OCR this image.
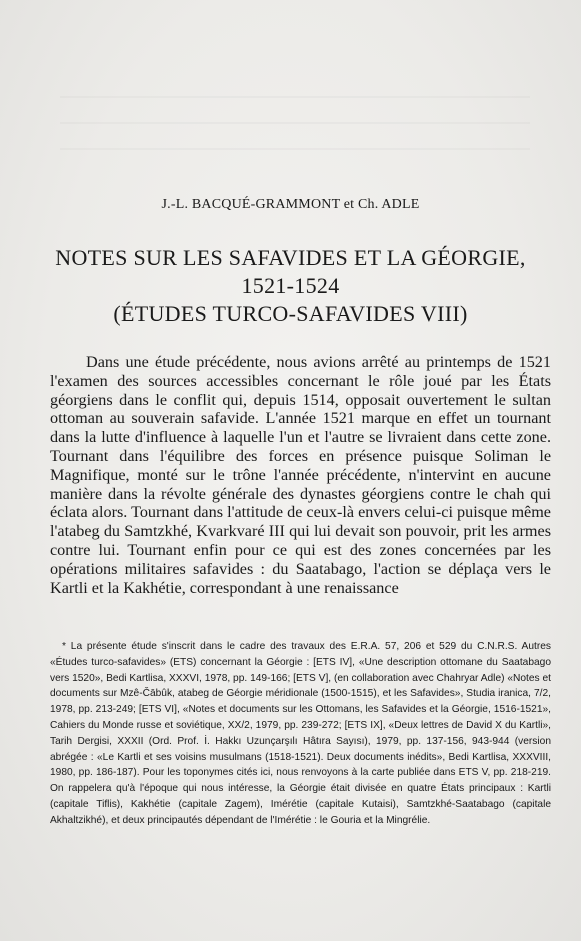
J.-L. BACQUÉ-GRAMMONT et Ch. ADLE
NOTES SUR LES SAFAVIDES ET LA GÉORGIE,
1521-1524
(ÉTUDES TURCO-SAFAVIDES VIII)

Dans une étude précédente, nous avions arrêté au printemps de 1521 l'examen des sources accessibles concernant le rôle joué par les États géorgiens dans le conflit qui, depuis 1514, opposait ouvertement le sultan ottoman au souverain safavide. L'année 1521 marque en effet un tournant dans la lutte d'influence à laquelle l'un et l'autre se livraient dans cette zone. Tournant dans l'équilibre des forces en présence puisque Soliman le Magnifique, monté sur le trône l'année précédente, n'intervint en aucune manière dans la révolte générale des dynastes géorgiens contre le chah qui éclata alors. Tournant dans l'attitude de ceux-là envers celui-ci puisque même l'atabeg du Samtzkhé, Kvarkvaré III qui lui devait son pouvoir, prit les armes contre lui. Tournant enfin pour ce qui est des zones concernées par les opérations militaires safavides : du Saatabago, l'action se déplaça vers le Kartli et la Kakhétie, correspondant à une renaissance

* La présente étude s'inscrit dans le cadre des travaux des E.R.A. 57, 206 et 529 du C.N.R.S. Autres «Études turco-safavides» (ETS) concernant la Géorgie : [ETS IV], «Une description ottomane du Saatabago vers 1520», Bedi Kartlisa, XXXVI, 1978, pp. 149-166; [ETS V], (en collaboration avec Chahryar Adle) «Notes et documents sur Mzê-Čābûk, atabeg de Géorgie méridionale (1500-1515), et les Safavides», Studia iranica, 7/2, 1978, pp. 213-249; [ETS VI], «Notes et documents sur les Ottomans, les Safavides et la Géorgie, 1516-1521», Cahiers du Monde russe et soviétique, XX/2, 1979, pp. 239-272; [ETS IX], «Deux lettres de David X du Kartli», Tarih Dergisi, XXXII (Ord. Prof. İ. Hakkı Uzunçarşılı Hâtıra Sayısı), 1979, pp. 137-156, 943-944 (version abrégée : «Le Kartli et ses voisins musulmans (1518-1521). Deux documents inédits», Bedi Kartlisa, XXXVIII, 1980, pp. 186-187). Pour les toponymes cités ici, nous renvoyons à la carte publiée dans ETS V, pp. 218-219. On rappelera qu'à l'époque qui nous intéresse, la Géorgie était divisée en quatre États principaux : Kartli (capitale Tiflis), Kakhétie (capitale Zagem), Imérétie (capitale Kutaisi), Samtzkhé-Saatabago (capitale Akhaltzikhé), et deux principautés dépendant de l'Imérétie : le Gouria et la Mingrélie.
